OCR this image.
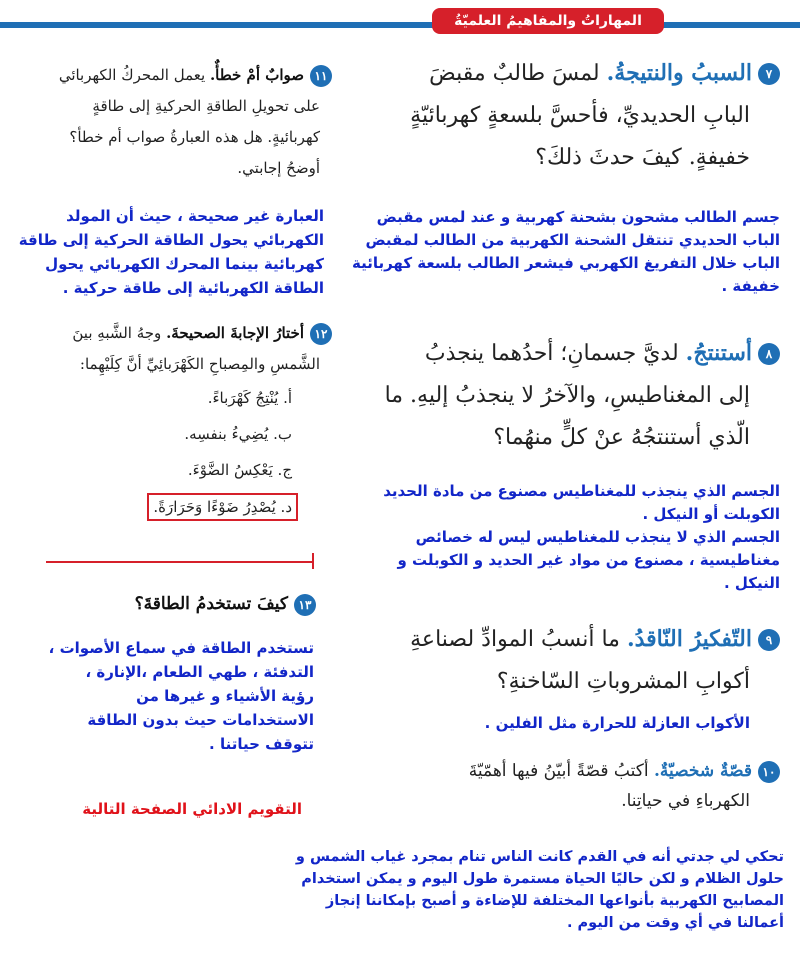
المهاراتُ والمفاهيمُ العلميّةُ
٧السببُ والنتيجةُ. لمسَ طالبٌ مقبضَ
البابِ الحديديِّ، فأحسَّ بلسعةٍ كهربائيّةٍ
خفيفةٍ. كيفَ حدثَ ذلكَ؟
جسم الطالب مشحون بشحنة كهربية و عند لمس مقبض
الباب الحديدي تنتقل الشحنة الكهربية من الطالب لمقبض
الباب خلال التفريغ الكهربي فيشعر الطالب بلسعة كهربائية
خفيفة .
٨أستنتجُ. لديَّ جسمانِ؛ أحدُهما ينجذبُ
إلى المغناطيسِ، والآخرُ لا ينجذبُ إليهِ. ما
الّذي أستنتجُهُ عنْ كلٍّ منهُما؟
الجسم الذي ينجذب للمغناطيس مصنوع من مادة الحديد
الكوبلت أو النيكل .
الجسم الذي لا ينجذب للمغناطيس ليس له خصائص
مغناطيسية ، مصنوع من مواد غير الحديد و الكوبلت و
النيكل .
٩التّفكيرُ النّاقدُ. ما أنسبُ الموادِّ لصناعةِ
أكوابِ المشروباتِ السّاخنةِ؟
الأكواب العازلة للحرارة مثل الفلين .
١٠قصّةٌ شخصيّةٌ. أكتبُ قصّةً أبيّنُ فيها أهمّيّةَ
الكهرباءِ في حياتِنا.
١١صوابٌ أمْ خطأٌ. يعمل المحركُ الكهربائي
على تحويلِ الطاقةِ الحركيةِ إلى طاقةٍ
كهربائيةٍ. هل هذه العبارةُ صواب أم خطأ؟
أوضحُ إجابتي.
العبارة غير صحيحة ، حيث أن المولد
الكهربائي يحول الطاقة الحركية إلى طاقة
كهربائية بينما المحرك الكهربائي يحول
الطاقة الكهربائية إلى طاقة حركية .
١٢أختارُ الإجابةَ الصحيحةَ. وجهُ الشَّبهِ بينَ
الشَّمسِ والمِصباحِ الكَهْرَبائِيِّ أنَّ كِلَيْهِما:
أ. يُنْتِجُ كَهْرَباءً.
ب. يُضِيءُ بنفسِه.
ج. يَعْكِسُ الضَّوْءَ.
د. يُصْدِرُ ضَوْءًا وَحَرَارَةً.
١٣كيفَ تستخدمُ الطاقةَ؟
تستخدم الطاقة في سماع الأصوات ،
التدفئة ، طهي الطعام ،الإنارة ،
رؤية الأشياء و غيرها من
الاستخدامات حيث بدون الطاقة
تتوقف حياتنا .
التقويم الادائي الصفحة التالية
تحكي لي جدتي أنه في القدم كانت الناس تنام بمجرد غياب الشمس و
حلول الظلام و لكن حاليًا الحياة مستمرة طول اليوم و يمكن استخدام
المصابيح الكهربية بأنواعها المختلفة للإضاءة و أصبح بإمكاننا إنجاز
أعمالنا في أي وقت من اليوم .
